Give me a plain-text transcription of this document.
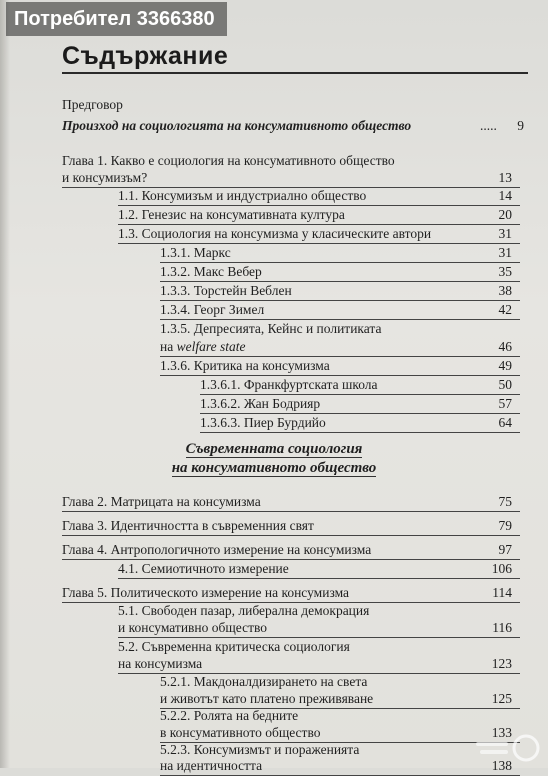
Потребител 3366380
Съдържание
Предговор
Произход на социологията на консумативното общество	..... 9
Глава 1. Какво е социология на консумативното общество
и консумизъм?	13
1.1. Консумизъм и индустриално общество	14
1.2. Генезис на консумативната култура	20
1.3. Социология на консумизма у класическите автори	31
1.3.1. Маркс	31
1.3.2. Макс Вебер	35
1.3.3. Торстейн Веблен	38
1.3.4. Георг Зимел	42
1.3.5. Депресията, Кейнс и политиката
на welfare state	46
1.3.6. Критика на консумизма	49
1.3.6.1. Франкфуртската школа	50
1.3.6.2. Жан Бодрияр	57
1.3.6.3. Пиер Бурдийо	64
Съвременната социология
на консумативното общество
Глава 2. Матрицата на консумизма	75
Глава 3. Идентичността в съвременния свят	79
Глава 4. Антропологичното измерение на консумизма	97
4.1. Семиотичното измерение	106
Глава 5. Политическото измерение на консумизма	114
5.1. Свободен пазар, либерална демокрация
и консумативно общество	116
5.2. Съвременна критическа социология
на консумизма	123
5.2.1. Макдоналдизирането на света
и животът като платено преживяване	125
5.2.2. Ролята на бедните
в консумативното общество	133
5.2.3. Консумизмът и пораженията
на идентичността	138
